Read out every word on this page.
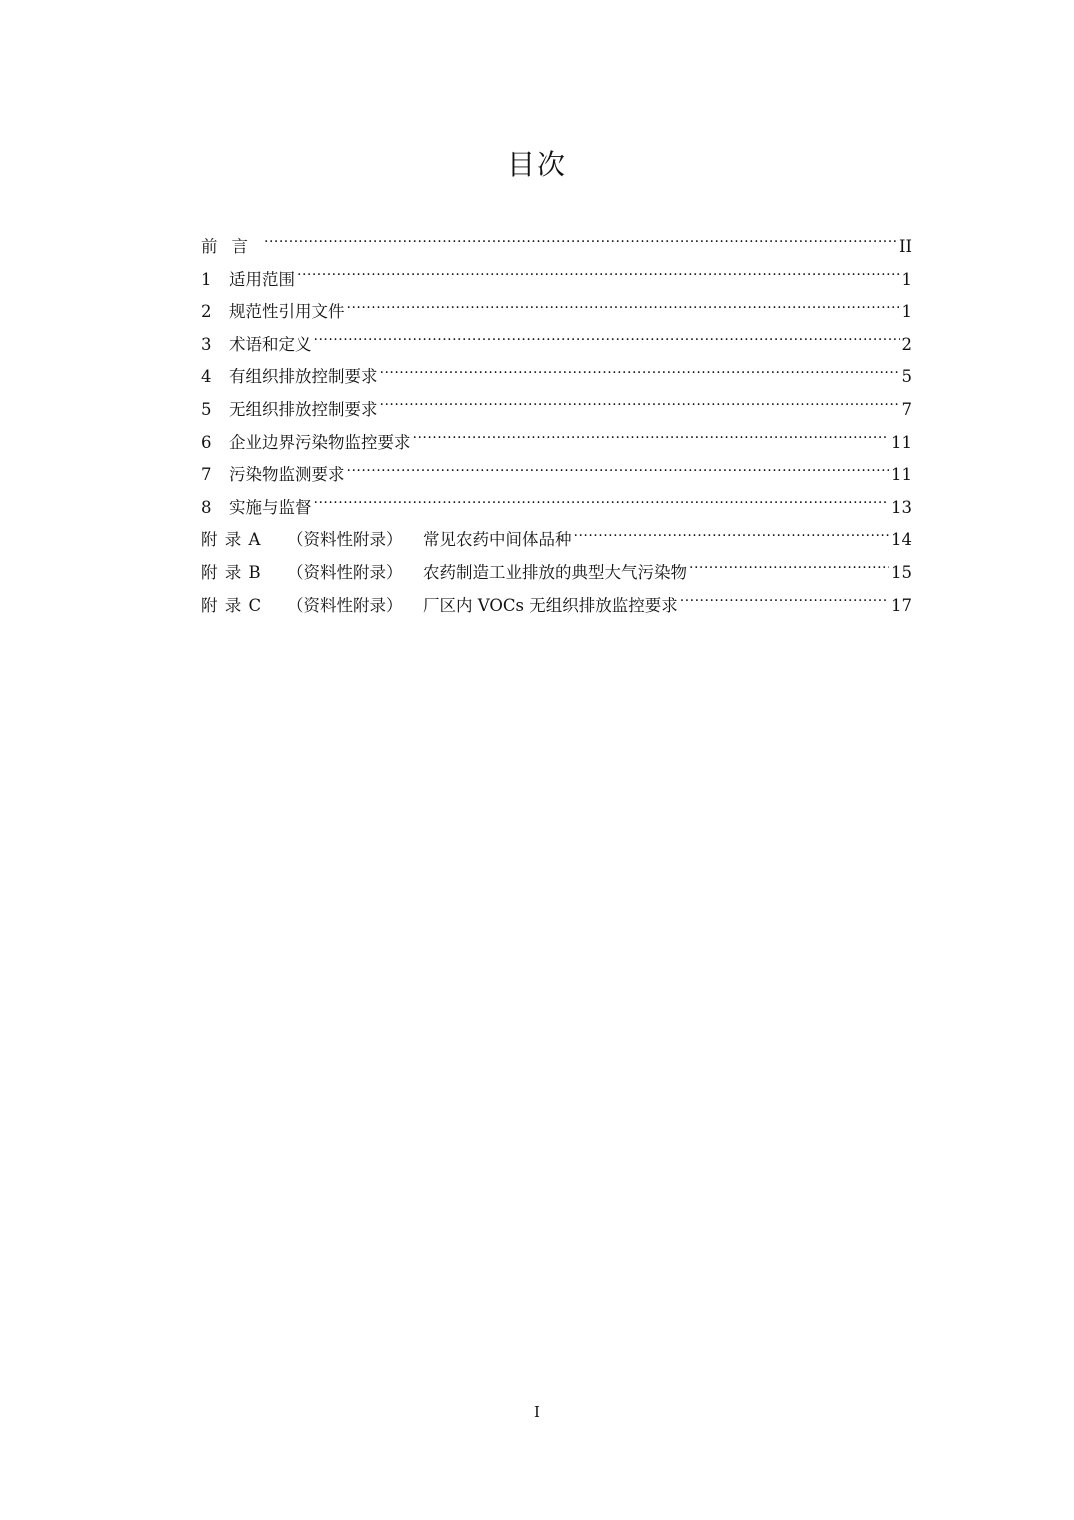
目次
前言 .....	II
1	适用范围 .....	1
2	规范性引用文件 .....	1
3	术语和定义 .....	2
4	有组织排放控制要求 .....	5
5	无组织排放控制要求 .....	7
6	企业边界污染物监控要求 .....	11
7	污染物监测要求 .....	11
8	实施与监督 .....	13
附 录 A	（资料性附录）	常见农药中间体品种 .....	14
附 录 B	（资料性附录）	农药制造工业排放的典型大气污染物 .....	15
附 录 C	（资料性附录）	厂区内 VOCs 无组织排放监控要求 .....	17
I
